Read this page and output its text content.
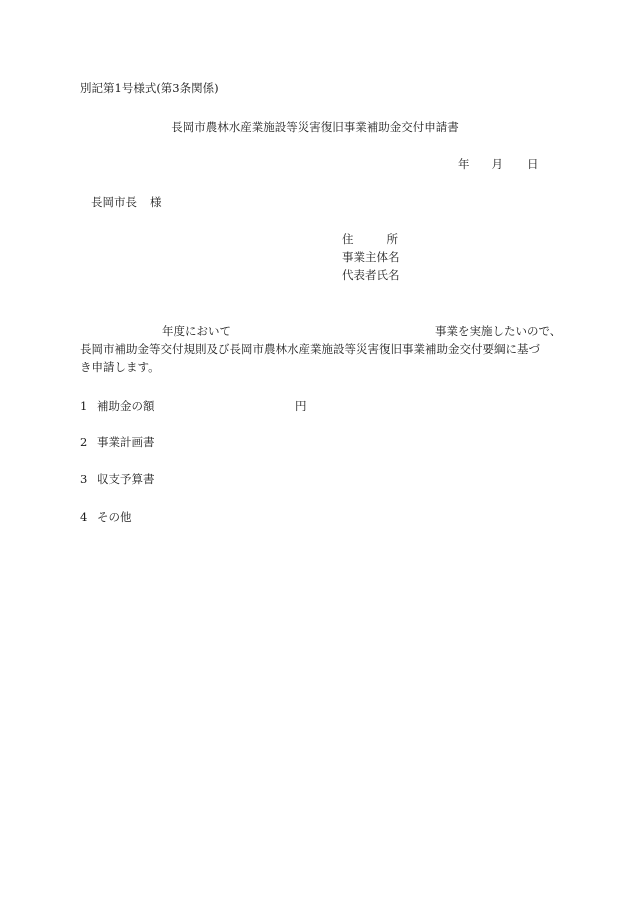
別記第1号様式(第3条関係)
長岡市農林水産業施設等災害復旧事業補助金交付申請書
年 月 日
長岡市長 様
住	所
事業主体名
代表者氏名
年度において	事業を実施したいので、
長岡市補助金等交付規則及び長岡市農林水産業施設等災害復旧事業補助金交付要綱に基づ
き申請します。
1 補助金の額	円
2 事業計画書
3 収支予算書
4 その他
